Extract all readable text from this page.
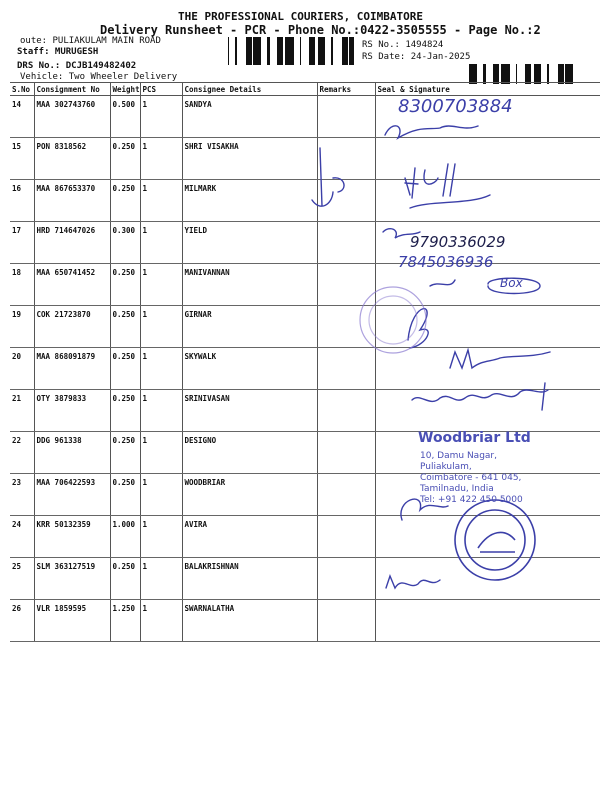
THE PROFESSIONAL COURIERS, COIMBATORE
Delivery Runsheet - PCR - Phone No.:0422-3505555 - Page No.:2
oute: PULIAKULAM MAIN ROAD
Staff: MURUGESH
DRS No.: DCJB149482402
Vehicle: Two Wheeler Delivery
RS No.: 1494824
RS Date: 24-Jan-2025
S.No	Consignment No	Weight	PCS	Consignee Details	Remarks	Seal & Signature
14	MAA 302743760	0.500	1	SANDYA		
15	PON 8318562	0.250	1	SHRI VISAKHA		
16	MAA 867653370	0.250	1	MILMARK		
17	HRD 714647026	0.300	1	YIELD		
18	MAA 650741452	0.250	1	MANIVANNAN		
19	COK 21723870	0.250	1	GIRNAR		
20	MAA 868091879	0.250	1	SKYWALK		
21	OTY 3879833	0.250	1	SRINIVASAN		
22	DDG 961338	0.250	1	DESIGNO		
23	MAA 706422593	0.250	1	WOODBRIAR		
24	KRR 50132359	1.000	1	AVIRA		
25	SLM 363127519	0.250	1	BALAKRISHNAN		
26	VLR 1859595	1.250	1	SWARNALATHA		
8300703884
9790336029
7845036936
Box
Woodbriar Ltd
10, Damu Nagar,
Puliakulam,
Coimbatore - 641 045,
Tamilnadu, India
Tel: +91 422 450 5000
